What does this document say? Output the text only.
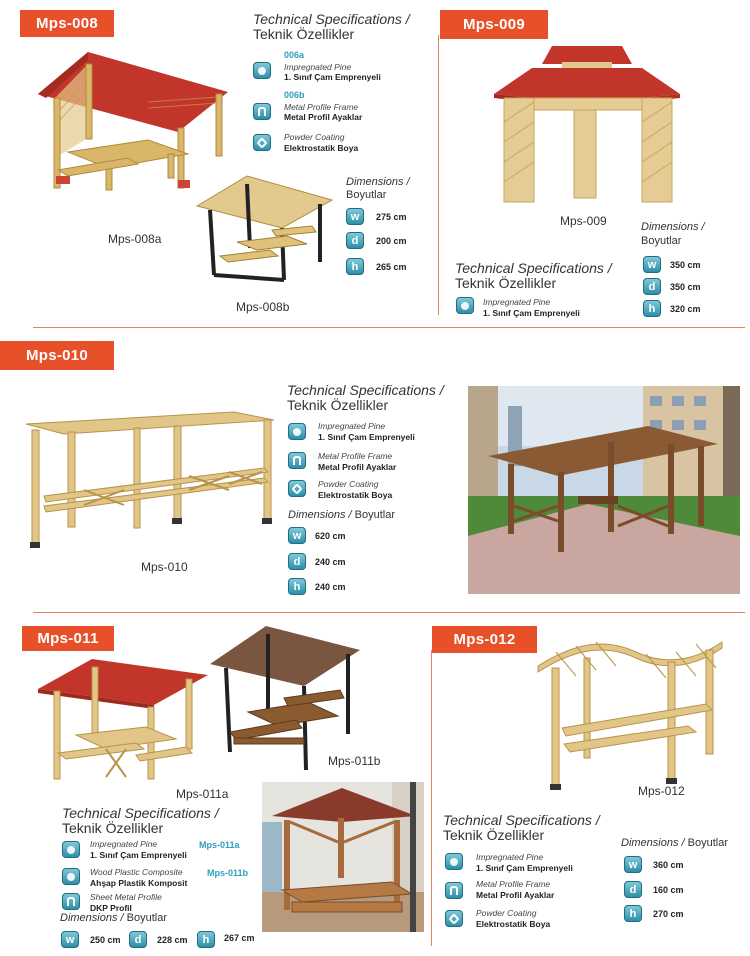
Mps-008
Mps-008a
Mps-008b
Technical Specifications /
Teknik Özellikler
006a
Impregnated Pine
1. Sınıf Çam Emprenyeli
006b
Metal Profile Frame
Metal Profil Ayaklar
Powder Coating
Elektrostatik Boya
Dimensions /
Boyutlar
w	275 cm
d	200 cm
h	265 cm
Mps-009
Mps-009	Dimensions /
Boyutlar
w	350 cm
d	350 cm
h	320 cm
Technical Specifications /
Teknik Özellikler
Impregnated Pine
1. Sınıf Çam Emprenyeli
Mps-010
Mps-010
Technical Specifications /
Teknik Özellikler
Impregnated Pine
1. Sınıf Çam Emprenyeli
Metal Profile Frame
Metal Profil Ayaklar
Powder Coating
Elektrostatik Boya
Dimensions / Boyutlar
w	620 cm
d	240 cm
h	240 cm
Mps-011
Mps-011a
Mps-011b
Technical Specifications /
Teknik Özellikler
Impregnated Pine
1. Sınıf Çam Emprenyeli
Mps-011a
Wood Plastic Composite
Ahşap Plastik Komposit
Mps-011b
Sheet Metal Profile
DKP Profil
Dimensions / Boyutlar
w	250 cm	d	228 cm	h	267 cm
Mps-012
Mps-012
Technical Specifications /
Teknik Özellikler
Impregnated Pine
1. Sınıf Çam Emprenyeli
Metal Profile Frame
Metal Profil Ayaklar
Powder Coating
Elektrostatik Boya
Dimensions / Boyutlar
w	360 cm
d	160 cm
h	270 cm
